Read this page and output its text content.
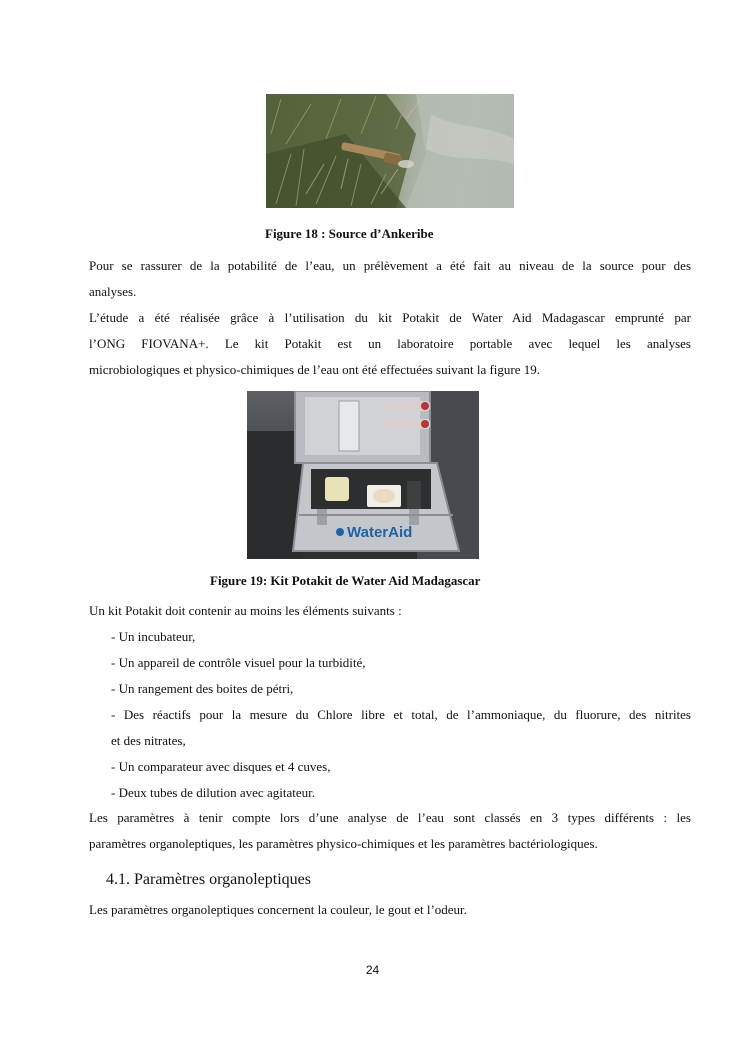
Figure 18 : Source d’Ankeribe
Pour se rassurer de la potabilité de l’eau, un prélèvement a été fait au niveau de la source pour des
analyses.
L’étude a été réalisée grâce à l’utilisation du kit Potakit de Water Aid Madagascar emprunté par
l’ONG FIOVANA+. Le kit Potakit est un laboratoire portable avec lequel les analyses
microbiologiques et physico-chimiques de l’eau ont été effectuées suivant la figure 19.
WaterAid
Figure 19: Kit Potakit de Water Aid Madagascar
Un kit Potakit doit contenir au moins les éléments suivants :
- Un incubateur,
- Un appareil de contrôle visuel pour la turbidité,
- Un rangement des boites de pétri,
- Des réactifs pour la mesure du Chlore libre et total, de l’ammoniaque, du fluorure, des nitrites
et des nitrates,
- Un comparateur avec disques et 4 cuves,
- Deux tubes de dilution avec agitateur.
Les paramètres à tenir compte lors d’une analyse de l’eau sont classés en 3 types différents : les
paramètres organoleptiques, les paramètres physico-chimiques et les paramètres bactériologiques.
4.1. Paramètres organoleptiques
Les paramètres organoleptiques concernent la couleur, le gout et l’odeur.
24
